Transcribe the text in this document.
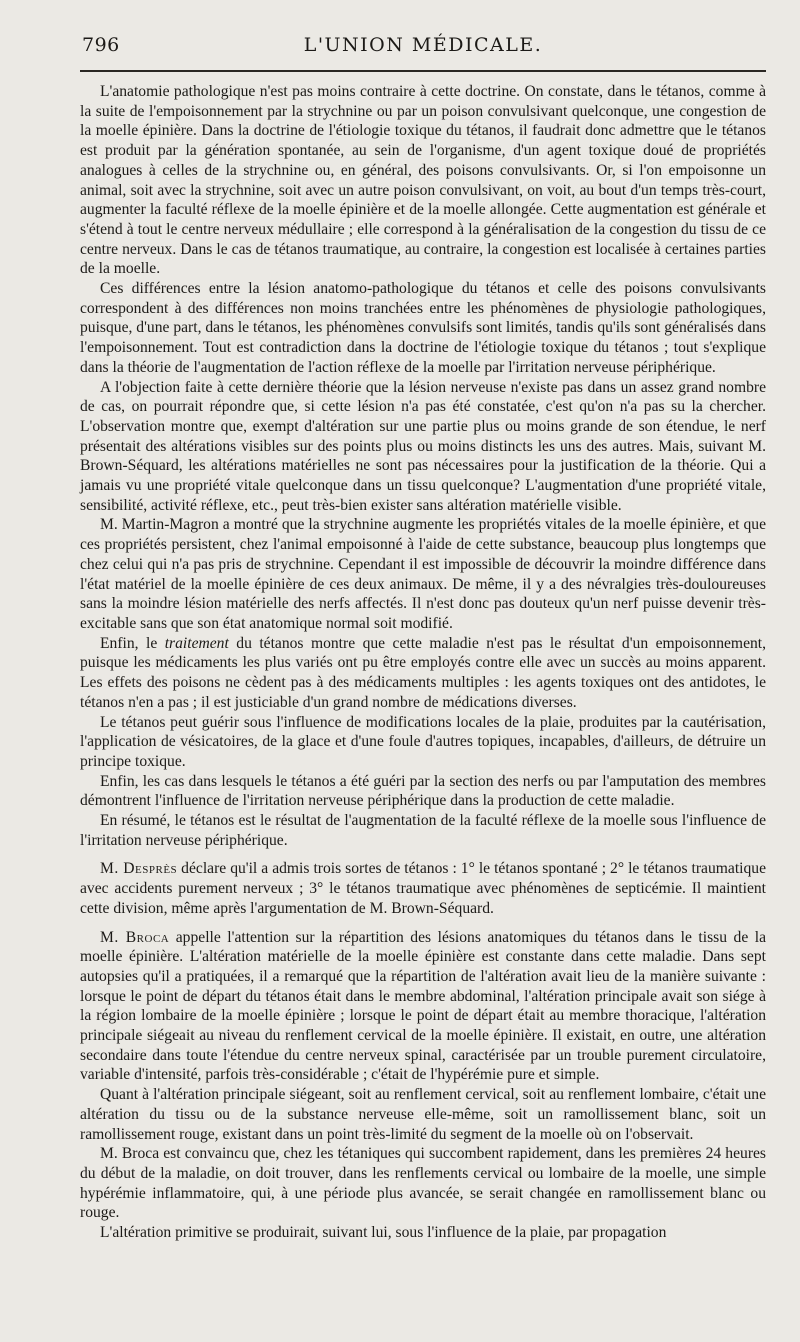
796	L'UNION MÉDICALE.

L'anatomie pathologique n'est pas moins contraire à cette doctrine. On constate, dans le tétanos, comme à la suite de l'empoisonnement par la strychnine ou par un poison convulsivant quelconque, une congestion de la moelle épinière. Dans la doctrine de l'étiologie toxique du tétanos, il faudrait donc admettre que le tétanos est produit par la génération spontanée, au sein de l'organisme, d'un agent toxique doué de propriétés analogues à celles de la strychnine ou, en général, des poisons convulsivants. Or, si l'on empoisonne un animal, soit avec la strychnine, soit avec un autre poison convulsivant, on voit, au bout d'un temps très-court, augmenter la faculté réflexe de la moelle épinière et de la moelle allongée. Cette augmentation est générale et s'étend à tout le centre nerveux médullaire ; elle correspond à la généralisation de la congestion du tissu de ce centre nerveux. Dans le cas de tétanos traumatique, au contraire, la congestion est localisée à certaines parties de la moelle.

Ces différences entre la lésion anatomo-pathologique du tétanos et celle des poisons convulsivants correspondent à des différences non moins tranchées entre les phénomènes de physiologie pathologiques, puisque, d'une part, dans le tétanos, les phénomènes convulsifs sont limités, tandis qu'ils sont généralisés dans l'empoisonnement. Tout est contradiction dans la doctrine de l'étiologie toxique du tétanos ; tout s'explique dans la théorie de l'augmentation de l'action réflexe de la moelle par l'irritation nerveuse périphérique.

A l'objection faite à cette dernière théorie que la lésion nerveuse n'existe pas dans un assez grand nombre de cas, on pourrait répondre que, si cette lésion n'a pas été constatée, c'est qu'on n'a pas su la chercher. L'observation montre que, exempt d'altération sur une partie plus ou moins grande de son étendue, le nerf présentait des altérations visibles sur des points plus ou moins distincts les uns des autres. Mais, suivant M. Brown-Séquard, les altérations matérielles ne sont pas nécessaires pour la justification de la théorie. Qui a jamais vu une propriété vitale quelconque dans un tissu quelconque? L'augmentation d'une propriété vitale, sensibilité, activité réflexe, etc., peut très-bien exister sans altération matérielle visible.

M. Martin-Magron a montré que la strychnine augmente les propriétés vitales de la moelle épinière, et que ces propriétés persistent, chez l'animal empoisonné à l'aide de cette substance, beaucoup plus longtemps que chez celui qui n'a pas pris de strychnine. Cependant il est impossible de découvrir la moindre différence dans l'état matériel de la moelle épinière de ces deux animaux. De même, il y a des névralgies très-douloureuses sans la moindre lésion matérielle des nerfs affectés. Il n'est donc pas douteux qu'un nerf puisse devenir très-excitable sans que son état anatomique normal soit modifié.

Enfin, le traitement du tétanos montre que cette maladie n'est pas le résultat d'un empoisonnement, puisque les médicaments les plus variés ont pu être employés contre elle avec un succès au moins apparent. Les effets des poisons ne cèdent pas à des médicaments multiples : les agents toxiques ont des antidotes, le tétanos n'en a pas ; il est justiciable d'un grand nombre de médications diverses.

Le tétanos peut guérir sous l'influence de modifications locales de la plaie, produites par la cautérisation, l'application de vésicatoires, de la glace et d'une foule d'autres topiques, incapables, d'ailleurs, de détruire un principe toxique.

Enfin, les cas dans lesquels le tétanos a été guéri par la section des nerfs ou par l'amputation des membres démontrent l'influence de l'irritation nerveuse périphérique dans la production de cette maladie.

En résumé, le tétanos est le résultat de l'augmentation de la faculté réflexe de la moelle sous l'influence de l'irritation nerveuse périphérique.

M. Desprès déclare qu'il a admis trois sortes de tétanos : 1° le tétanos spontané ; 2° le tétanos traumatique avec accidents purement nerveux ; 3° le tétanos traumatique avec phénomènes de septicémie. Il maintient cette division, même après l'argumentation de M. Brown-Séquard.

M. Broca appelle l'attention sur la répartition des lésions anatomiques du tétanos dans le tissu de la moelle épinière. L'altération matérielle de la moelle épinière est constante dans cette maladie. Dans sept autopsies qu'il a pratiquées, il a remarqué que la répartition de l'altération avait lieu de la manière suivante : lorsque le point de départ du tétanos était dans le membre abdominal, l'altération principale avait son siége à la région lombaire de la moelle épinière ; lorsque le point de départ était au membre thoracique, l'altération principale siégeait au niveau du renflement cervical de la moelle épinière. Il existait, en outre, une altération secondaire dans toute l'étendue du centre nerveux spinal, caractérisée par un trouble purement circulatoire, variable d'intensité, parfois très-considérable ; c'était de l'hypérémie pure et simple.

Quant à l'altération principale siégeant, soit au renflement cervical, soit au renflement lombaire, c'était une altération du tissu ou de la substance nerveuse elle-même, soit un ramollissement blanc, soit un ramollissement rouge, existant dans un point très-limité du segment de la moelle où on l'observait.

M. Broca est convaincu que, chez les tétaniques qui succombent rapidement, dans les premières 24 heures du début de la maladie, on doit trouver, dans les renflements cervical ou lombaire de la moelle, une simple hypérémie inflammatoire, qui, à une période plus avancée, se serait changée en ramollissement blanc ou rouge.

L'altération primitive se produirait, suivant lui, sous l'influence de la plaie, par propagation
